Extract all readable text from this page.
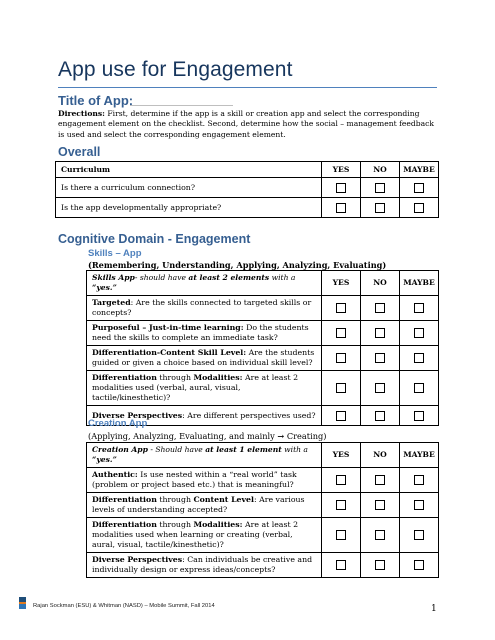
App use for Engagement
Title of App:
Directions: First, determine if the app is a skill or creation app and select the corresponding engagement element on the checklist. Second, determine how the social – management feedback is used and select the corresponding engagement element.
Overall
Curriculum	YES	NO	MAYBE
Is there a curriculum connection?			
Is the app developmentally appropriate?			
Cognitive Domain - Engagement
Skills – App
(Remembering, Understanding, Applying, Analyzing, Evaluating)
Skills App- should have at least 2 elements with a “yes.”	YES	NO	MAYBE
Targeted: Are the skills connected to targeted skills or concepts?			
Purposeful – Just-in-time learning: Do the students need the skills to complete an immediate task?			
Differentiation-Content Skill Level: Are the students guided or given a choice based on individual skill level?			
Differentiation through Modalities: Are at least 2 modalities used (verbal, aural, visual, tactile/kinesthetic)?			
Diverse Perspectives: Are different perspectives used?			
Creation App
(Applying, Analyzing, Evaluating, and mainly → Creating)
Creation App - Should have at least 1 element with a “yes.”	YES	NO	MAYBE
Authentic: Is use nested within a “real world” task (problem or project based etc.) that is meaningful?			
Differentiation through Content Level: Are various levels of understanding accepted?			
Differentiation through Modalities: Are at least 2 modalities used when learning or creating (verbal, aural, visual, tactile/kinesthetic)?			
Diverse Perspectives: Can individuals be creative and individually design or express ideas/concepts?			
Rajan Sockman (ESU) & Whitman (NASD) – Mobile Summit, Fall 2014	1
